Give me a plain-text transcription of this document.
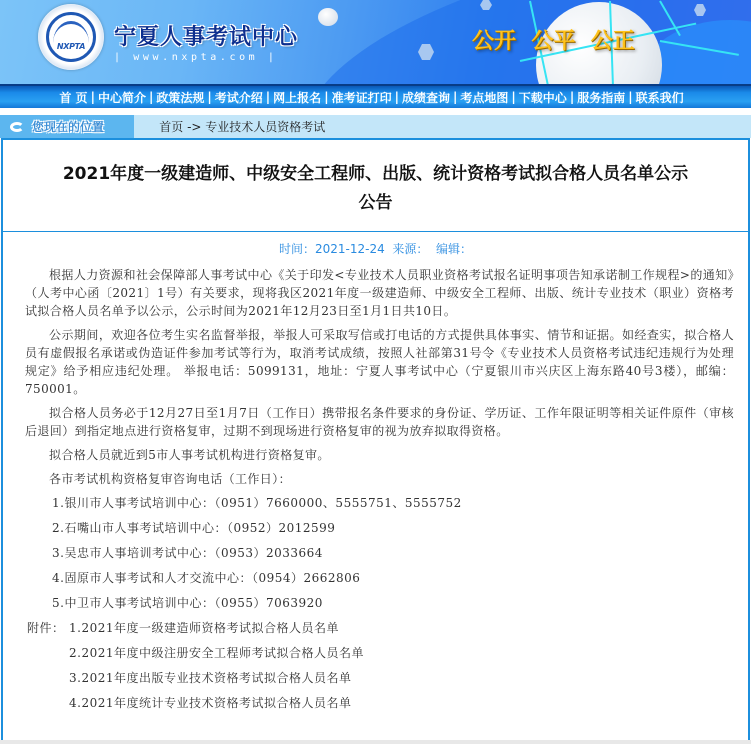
NXPTA	宁夏人事考试中心
| www.nxpta.com |
公开  公平  公正
首 页 | 中心简介 | 政策法规 | 考试介绍 | 网上报名 | 准考证打印 | 成绩查询 | 考点地图 | 下载中心 | 服务指南 | 联系我们
您现在的位置	首页 -> 专业技术人员资格考试

2021年度一级建造师、中级安全工程师、出版、统计资格考试拟合格人员名单公示
公告
时间：2021-12-24 来源： 编辑：

根据人力资源和社会保障部人事考试中心《关于印发<专业技术人员职业资格考试报名证明事项告知承诺制工作规程>的通知》（人考中心函〔2021〕1号）有关要求，现将我区2021年度一级建造师、中级安全工程师、出版、统计专业技术（职业）资格考试拟合格人员名单予以公示，公示时间为2021年12月23日至1月1日共10日。

公示期间，欢迎各位考生实名监督举报，举报人可采取写信或打电话的方式提供具体事实、情节和证据。如经查实，拟合格人员有虚假报名承诺或伪造证件参加考试等行为，取消考试成绩，按照人社部第31号令《专业技术人员资格考试违纪违规行为处理规定》给予相应违纪处理。 举报电话：5099131，地址：宁夏人事考试中心（宁夏银川市兴庆区上海东路40号3楼），邮编：750001。

拟合格人员务必于12月27日至1月7日（工作日）携带报名条件要求的身份证、学历证、工作年限证明等相关证件原件（审核后退回）到指定地点进行资格复审，过期不到现场进行资格复审的视为放弃拟取得资格。

拟合格人员就近到5市人事考试机构进行资格复审。

各市考试机构资格复审咨询电话（工作日）：

1.银川市人事考试培训中心：（0951）7660000、5555751、5555752
2.石嘴山市人事考试培训中心：（0952）2012599
3.吴忠市人事培训考试中心：（0953）2033664
4.固原市人事考试和人才交流中心：（0954）2662806
5.中卫市人事考试培训中心：（0955）7063920
附件： 1.2021年度一级建造师资格考试拟合格人员名单
2.2021年度中级注册安全工程师考试拟合格人员名单
3.2021年度出版专业技术资格考试拟合格人员名单
4.2021年度统计专业技术资格考试拟合格人员名单
